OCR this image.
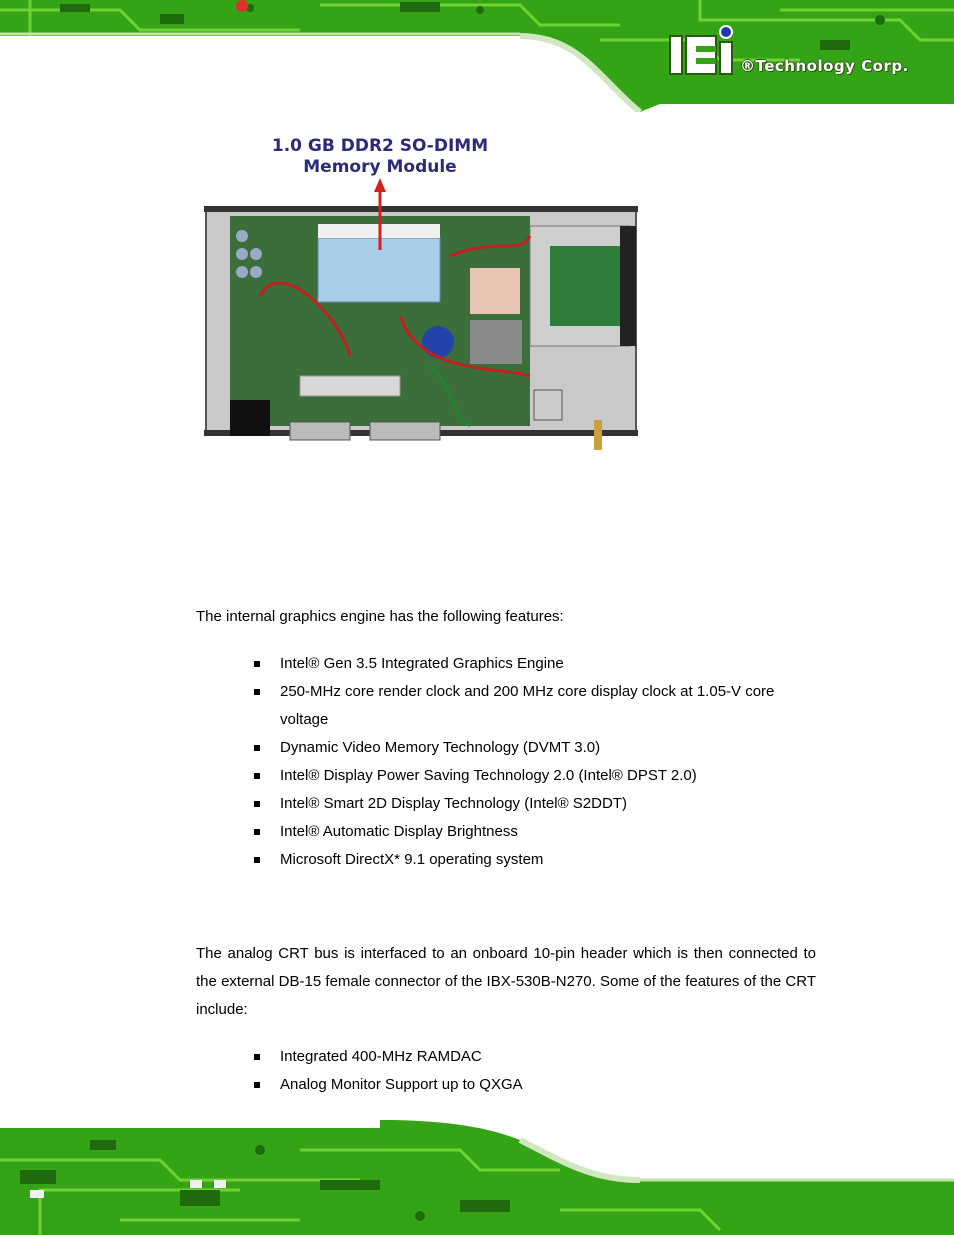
®Technology Corp.
1.0 GB DDR2 SO-DIMM
Memory Module
The internal graphics engine has the following features:
Intel® Gen 3.5 Integrated Graphics Engine
250-MHz core render clock and 200 MHz core display clock at 1.05-V core voltage
Dynamic Video Memory Technology (DVMT 3.0)
Intel® Display Power Saving Technology 2.0 (Intel® DPST 2.0)
Intel® Smart 2D Display Technology (Intel® S2DDT)
Intel® Automatic Display Brightness
Microsoft DirectX* 9.1 operating system
The analog CRT bus is interfaced to an onboard 10-pin header which is then connected to the external DB-15 female connector of the IBX-530B-N270. Some of the features of the CRT include:
Integrated 400-MHz RAMDAC
Analog Monitor Support up to QXGA
